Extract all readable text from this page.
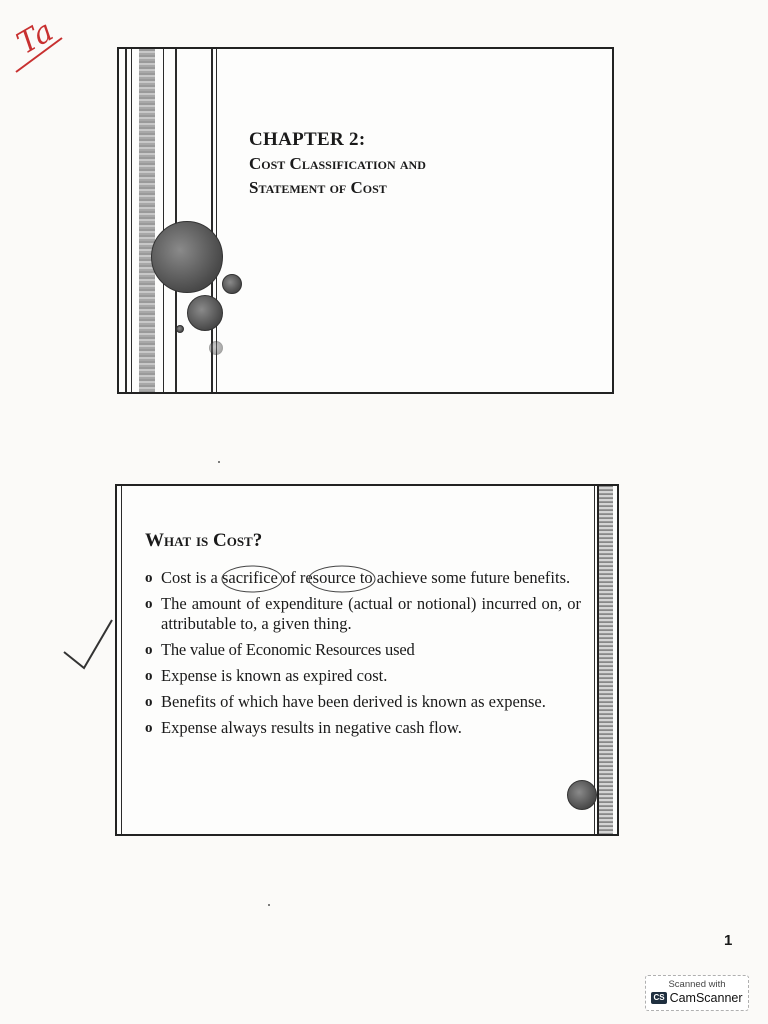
Ta
CHAPTER 2:
Cost Classification and
Statement of Cost
What is Cost?
o Cost is a sacrifice of resource to achieve some future benefits.
o The amount of expenditure (actual or notional) incurred on, or attributable to, a given thing.
o The value of Economic Resources used
o Expense is known as expired cost.
o Benefits of which have been derived is known as expense.
o Expense always results in negative cash flow.
1
Scanned with
CS CamScanner
